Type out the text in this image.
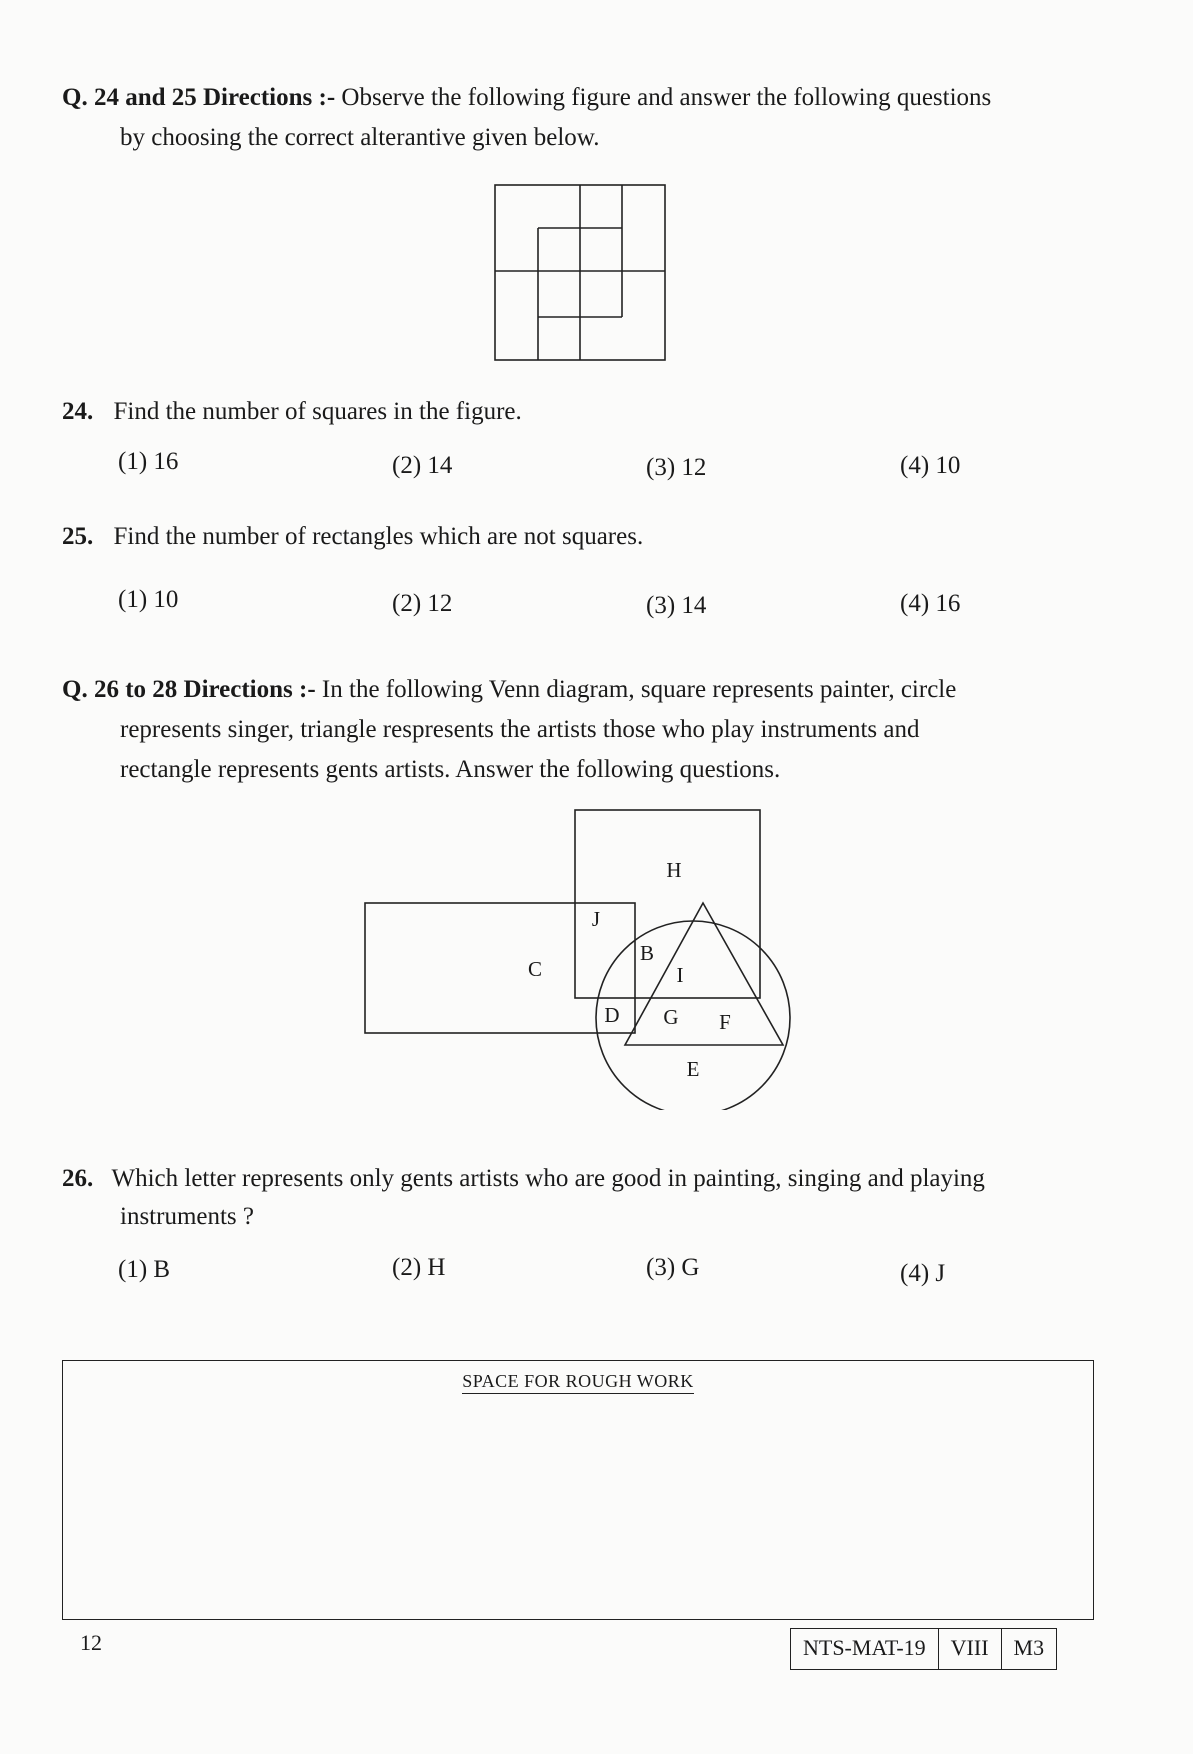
Q. 24 and 25 Directions :- Observe the following figure and answer the following questions
by choosing the correct alterantive given below.
24. Find the number of squares in the figure.
(1) 16	(2) 14	(3) 12	(4) 10
25. Find the number of rectangles which are not squares.
(1) 10	(2) 12	(3) 14	(4) 16
Q. 26 to 28 Directions :- In the following Venn diagram, square represents painter, circle
represents singer, triangle respresents the artists those who play instruments and
rectangle represents gents artists. Answer the following questions.
H
J
C
B
I
D G F
E
26. Which letter represents only gents artists who are good in painting, singing and playing
instruments ?
(1) B	(2) H	(3) G	(4) J
SPACE FOR ROUGH WORK
12	NTS-MAT-19	VIII	M3
